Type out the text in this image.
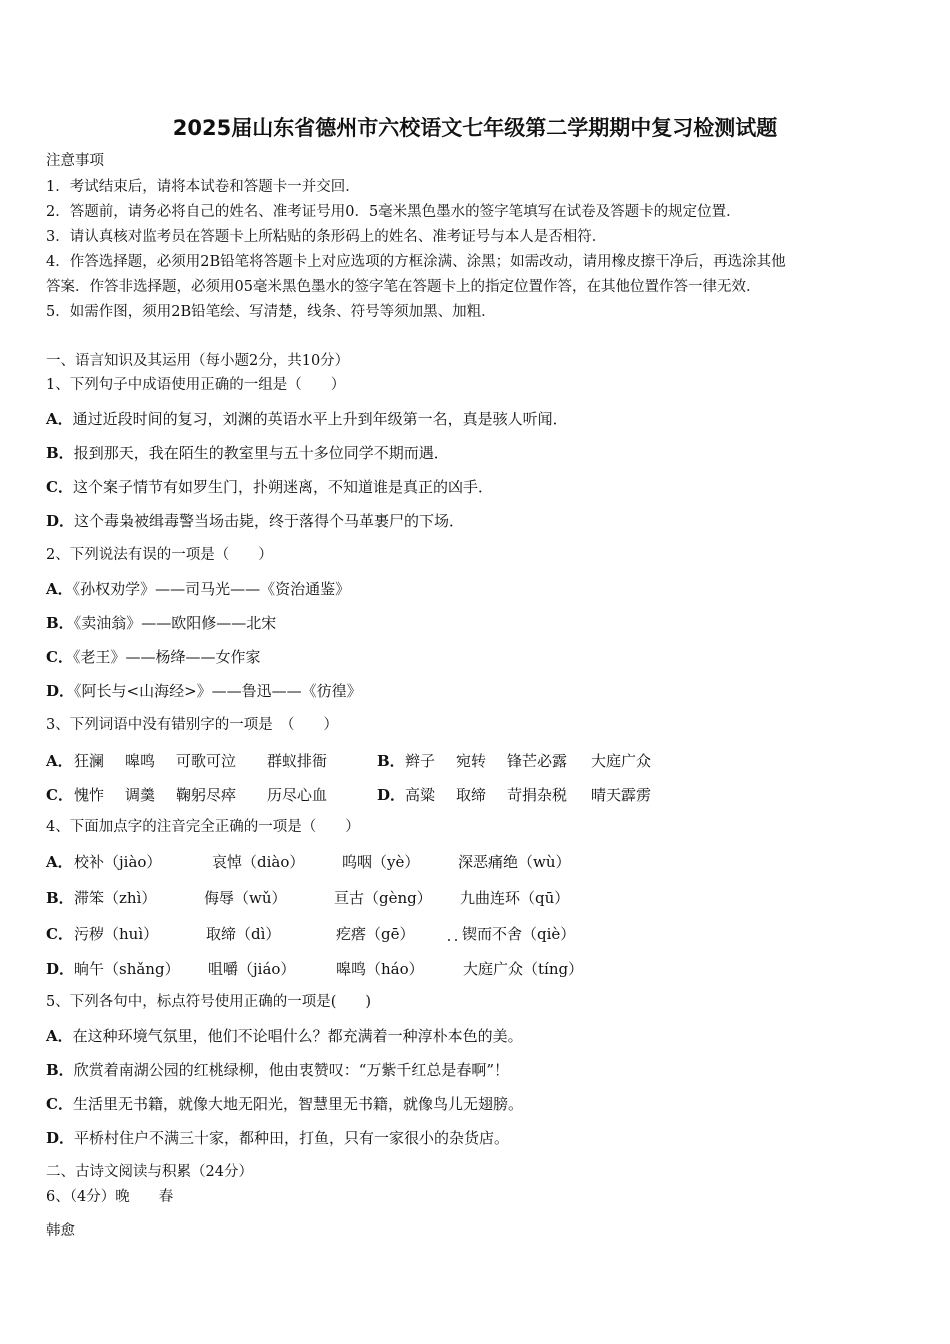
2025届山东省德州市六校语文七年级第二学期期中复习检测试题
注意事项
1．考试结束后，请将本试卷和答题卡一并交回．
2．答题前，请务必将自己的姓名、准考证号用0．5毫米黑色墨水的签字笔填写在试卷及答题卡的规定位置．
3．请认真核对监考员在答题卡上所粘贴的条形码上的姓名、准考证号与本人是否相符．
4．作答选择题，必须用2B铅笔将答题卡上对应选项的方框涂满、涂黑；如需改动，请用橡皮擦干净后，再选涂其他
答案．作答非选择题，必须用05毫米黑色墨水的签字笔在答题卡上的指定位置作答，在其他位置作答一律无效．
5．如需作图，须用2B铅笔绘、写清楚，线条、符号等须加黑、加粗．
一、语言知识及其运用（每小题2分，共10分）
1、下列句子中成语使用正确的一组是（　　）
A．通过近段时间的复习，刘渊的英语水平上升到年级第一名，真是骇人听闻．
B．报到那天，我在陌生的教室里与五十多位同学不期而遇．
C．这个案子情节有如罗生门，扑朔迷离，不知道谁是真正的凶手．
D．这个毒枭被缉毒警当场击毙，终于落得个马革裹尸的下场．
2、下列说法有误的一项是（　　）
A．《孙权劝学》——司马光——《资治通鉴》
B．《卖油翁》——欧阳修——北宋
C．《老王》——杨绛——女作家
D．《阿长与<山海经>》——鲁迅——《彷徨》
3、下列词语中没有错别字的一项是　（　　）
A． 狂澜 嗥鸣 可歌可泣 群蚁排衙	B． 辫子 宛转 锋芒必露 大庭广众
C． 愧怍 调羹 鞠躬尽瘁 历尽心血	D． 高粱 取缔 苛捐杂税 晴天霹雳
4、下面加点字的注音完全正确的一项是（　　）
A． 校补（jiào）	哀悼（diào）	呜咽（yè）	深恶痛绝（wù）
B． 滞笨（zhì）	侮辱（wǔ）	亘古（gèng） 九曲连环（qū）
C． 污秽（huì）	取缔（dì）	疙瘩（gē）	锲而不舍（qiè）
D． 晌午（shǎng） 咀嚼（jiáo）	嗥鸣（háo）	大庭广众（tíng）
5、下列各句中，标点符号使用正确的一项是(　　)
A．在这种环境气氛里，他们不论唱什么？都充满着一种淳朴本色的美。
B．欣赏着南湖公园的红桃绿柳，他由衷赞叹：“万紫千红总是春啊”！
C．生活里无书籍，就像大地无阳光，智慧里无书籍，就像鸟儿无翅膀。
D．平桥村住户不满三十家，都种田，打鱼，只有一家很小的杂货店。
二、古诗文阅读与积累（24分）
6、（4分）晚　　春
韩愈
